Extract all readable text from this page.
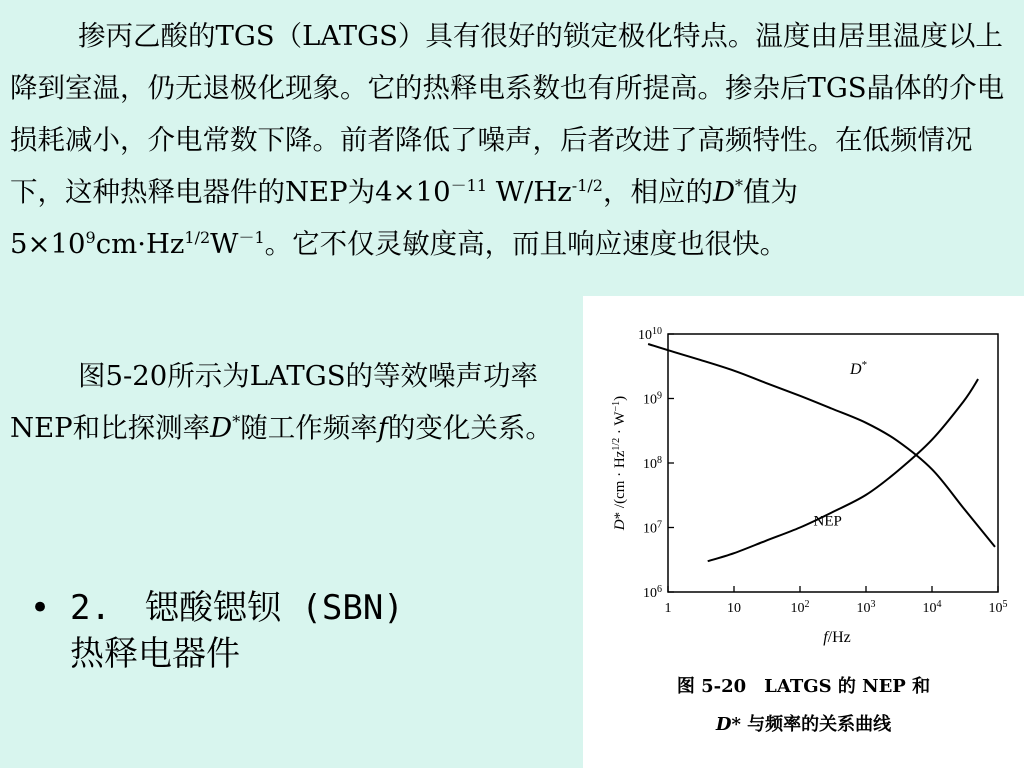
掺丙乙酸的TGS（LATGS）具有很好的锁定极化特点。温度由居里温度以上降到室温，仍无退极化现象。它的热释电系数也有所提高。掺杂后TGS晶体的介电损耗减小，介电常数下降。前者降低了噪声，后者改进了高频特性。在低频情况下，这种热释电器件的NEP为$4\times 10^{-11}$ $W/Hz^{-1/2}$，相应的D*值为$5\times 10^9cm\cdot Hz^{1/2}W^{-1}$。它不仅灵敏度高，而且响应速度也很快。

图5-20所示为LATGS的等效噪声功率NEP和比探测率D*随工作频率f的变化关系。

• 2.　锶酸锶钡 (SBN)
热释电器件
1	10	$10^2$	$10^3$	$10^4$	$10^5$
$10^6$
$10^7$
$10^8$
$10^9$
$10^{10}$
D*
NEP
f/Hz
D* $/(cm \cdot Hz^{1/2} \cdot W^{-1})$
图 5-20　LATGS 的 NEP 和
D* 与频率的关系曲线
